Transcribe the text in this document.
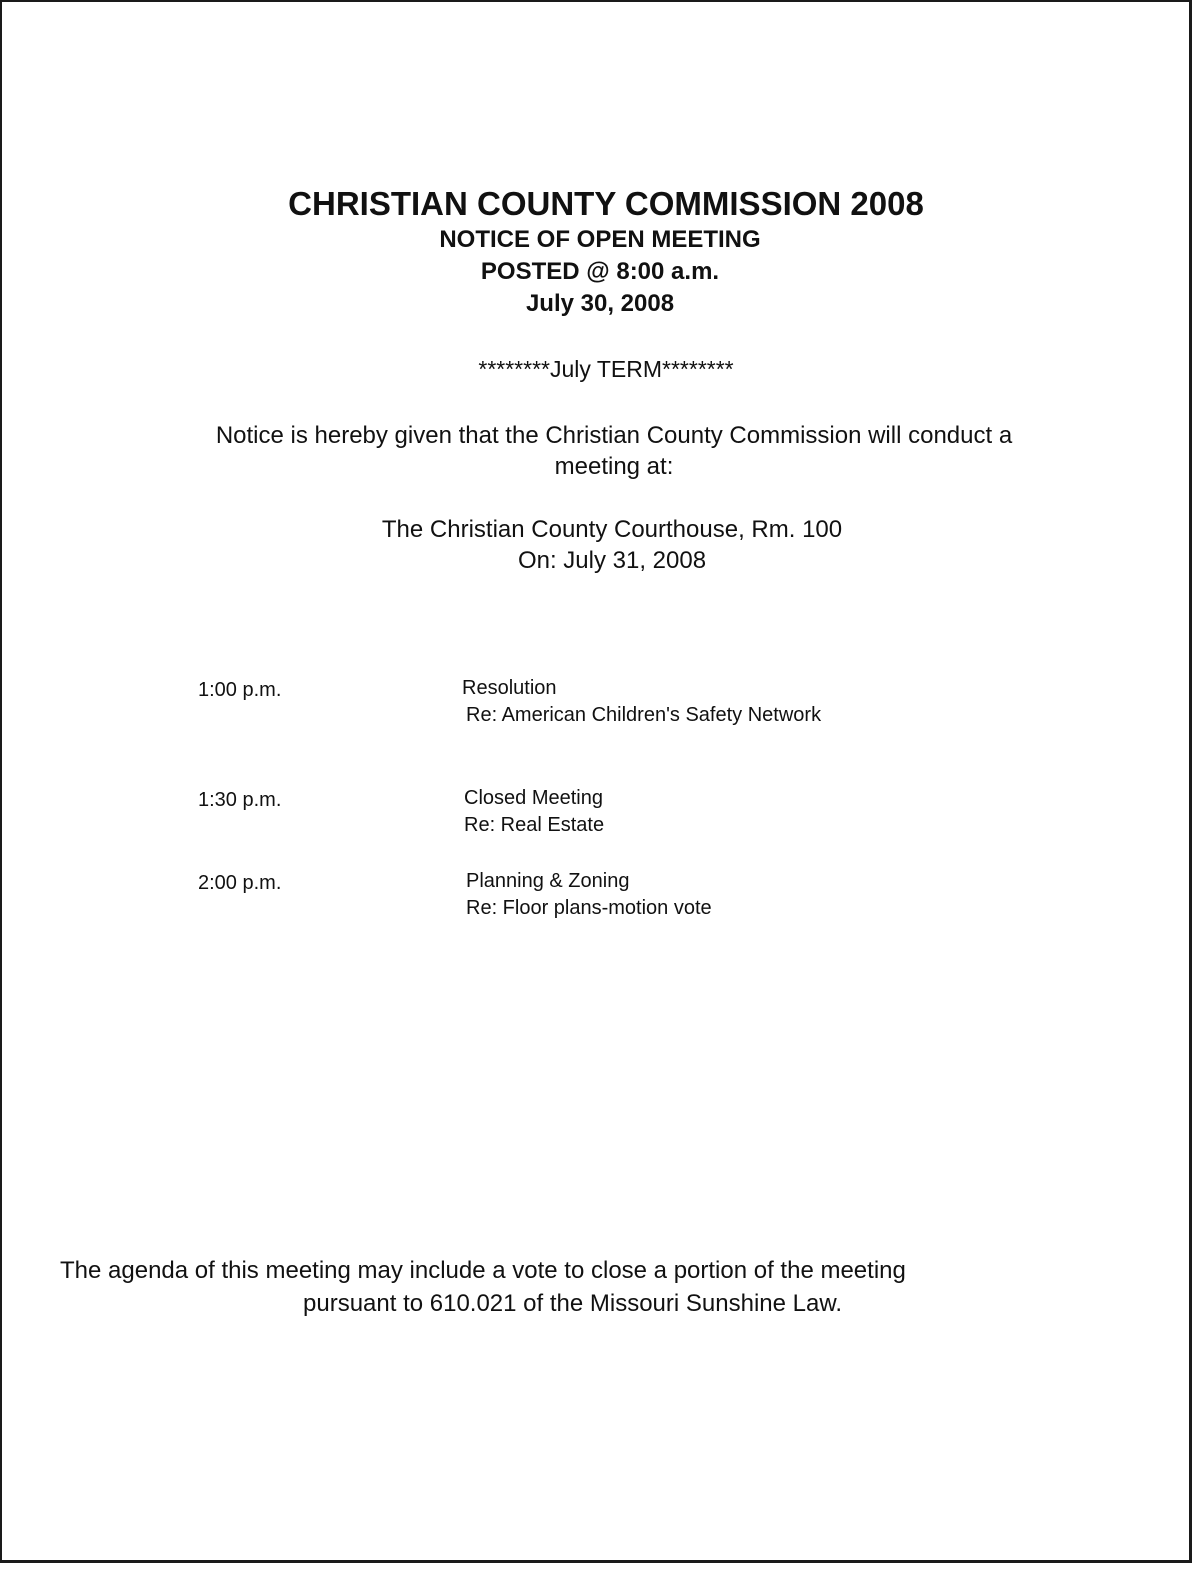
CHRISTIAN COUNTY COMMISSION 2008
NOTICE OF OPEN MEETING
POSTED @ 8:00 a.m.
July 30, 2008
********July TERM********
Notice is hereby given that the Christian County Commission will conduct a
meeting at:
The Christian County Courthouse, Rm. 100
On: July 31, 2008
1:00 p.m.	Resolution
Re: American Children's Safety Network
1:30 p.m.	Closed Meeting
Re: Real Estate
2:00 p.m.	Planning & Zoning
Re: Floor plans-motion vote
The agenda of this meeting may include a vote to close a portion of the meeting
pursuant to 610.021 of the Missouri Sunshine Law.
